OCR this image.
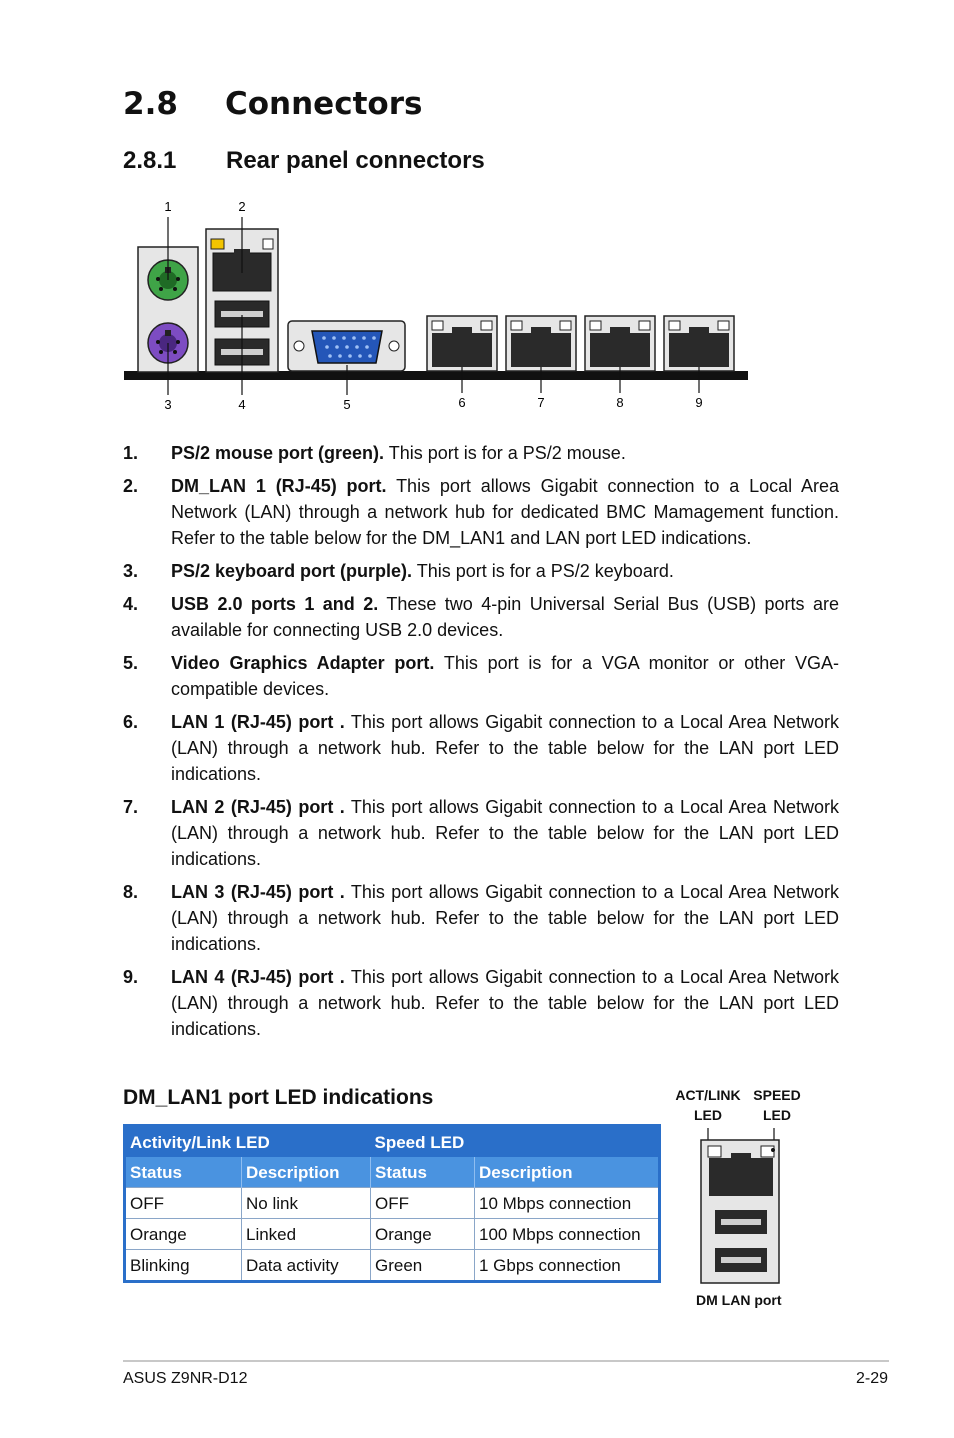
2.8 Connectors
2.8.1 Rear panel connectors
1	2
3	4	5	6	7	8	9
1. PS/2 mouse port (green). This port is for a PS/2 mouse.
2. DM_LAN 1 (RJ-45) port. This port allows Gigabit connection to a Local Area Network (LAN) through a network hub for dedicated BMC Mamagement function. Refer to the table below for the DM_LAN1 and LAN port LED indications.
3. PS/2 keyboard port (purple). This port is for a PS/2 keyboard.
4. USB 2.0 ports 1 and 2. These two 4-pin Universal Serial Bus (USB) ports are available for connecting USB 2.0 devices.
5. Video Graphics Adapter port. This port is for a VGA monitor or other VGA-compatible devices.
6. LAN 1 (RJ-45) port . This port allows Gigabit connection to a Local Area Network (LAN) through a network hub. Refer to the table below for the LAN port LED indications.
7. LAN 2 (RJ-45) port . This port allows Gigabit connection to a Local Area Network (LAN) through a network hub. Refer to the table below for the LAN port LED indications.
8. LAN 3 (RJ-45) port . This port allows Gigabit connection to a Local Area Network (LAN) through a network hub. Refer to the table below for the LAN port LED indications.
9. LAN 4 (RJ-45) port . This port allows Gigabit connection to a Local Area Network (LAN) through a network hub. Refer to the table below for the LAN port LED indications.
DM_LAN1 port LED indications
Activity/Link LED		Speed LED	
Status	Description	Status	Description
OFF	No link	OFF	10 Mbps connection
Orange	Linked	Orange	100 Mbps connection
Blinking	Data activity	Green	1 Gbps connection
ACT/LINK
LED
SPEED
LED
DM LAN port
ASUS Z9NR-D12	2-29
